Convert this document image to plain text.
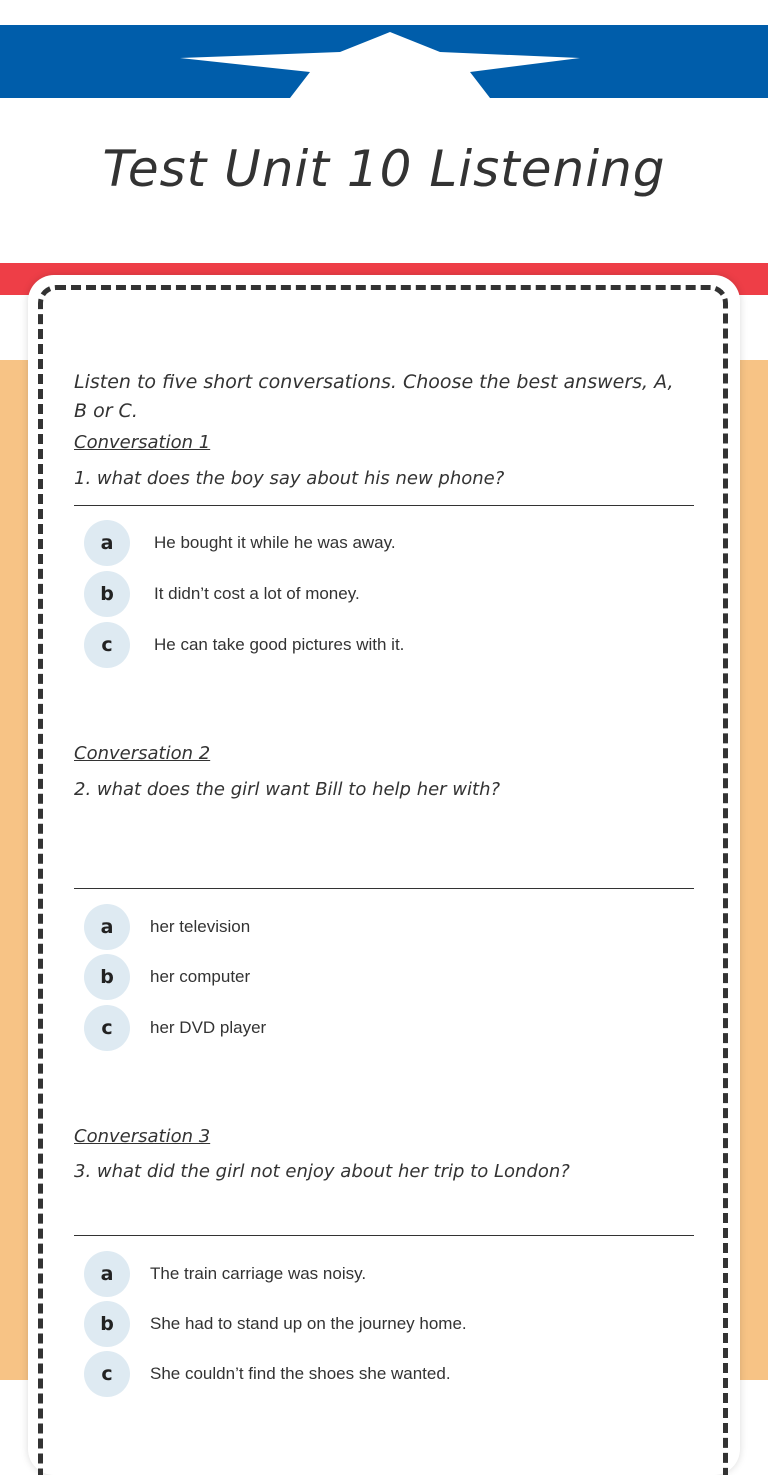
Test Unit 10 Listening
Listen to five short conversations. Choose the best answers, A, B or C.
Conversation 1
1. what does the boy say about his new phone?
a	He bought it while he was away.
b	It didn’t cost a lot of money.
c	He can take good pictures with it.
Conversation 2
2. what does the girl want Bill to help her with?
a	her television
b	her computer
c	her DVD player
Conversation 3
3. what did the girl not enjoy about her trip to London?
a	The train carriage was noisy.
b	She had to stand up on the journey home.
c	She couldn’t find the shoes she wanted.
